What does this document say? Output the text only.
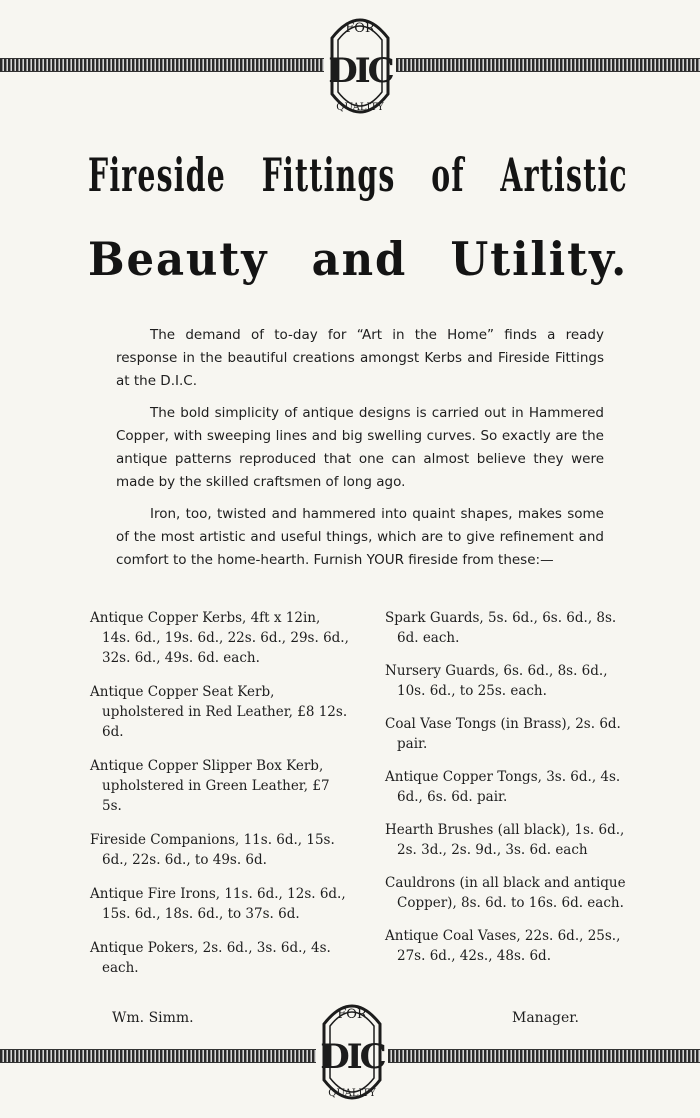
FOR
DIC
QUALITY
Fireside Fittings of Artistic
Beauty and Utility.

The demand of to-day for “Art in the Home” finds a ready response in the beautiful creations amongst Kerbs and Fireside Fittings at the D.I.C.

The bold simplicity of antique designs is carried out in Hammered Copper, with sweeping lines and big swelling curves. So exactly are the antique patterns reproduced that one can almost believe they were made by the skilled craftsmen of long ago.

Iron, too, twisted and hammered into quaint shapes, makes some of the most artistic and useful things, which are to give refinement and comfort to the home-hearth. Furnish YOUR fireside from these:—

Antique Copper Kerbs, 4ft x 12in, 14s. 6d., 19s. 6d., 22s. 6d., 29s. 6d., 32s. 6d., 49s. 6d. each.
Antique Copper Seat Kerb, upholstered in Red Leather, £8 12s. 6d.
Antique Copper Slipper Box Kerb, upholstered in Green Leather, £7 5s.
Fireside Companions, 11s. 6d., 15s. 6d., 22s. 6d., to 49s. 6d.
Antique Fire Irons, 11s. 6d., 12s. 6d., 15s. 6d., 18s. 6d., to 37s. 6d.
Antique Pokers, 2s. 6d., 3s. 6d., 4s. each.
Spark Guards, 5s. 6d., 6s. 6d., 8s. 6d. each.
Nursery Guards, 6s. 6d., 8s. 6d., 10s. 6d., to 25s. each.
Coal Vase Tongs (in Brass), 2s. 6d. pair.
Antique Copper Tongs, 3s. 6d., 4s. 6d., 6s. 6d. pair.
Hearth Brushes (all black), 1s. 6d., 2s. 3d., 2s. 9d., 3s. 6d. each
Cauldrons (in all black and antique Copper), 8s. 6d. to 16s. 6d. each.
Antique Coal Vases, 22s. 6d., 25s., 27s. 6d., 42s., 48s. 6d.

Wm. Simm.	Manager.

FOR
DIC
QUALITY
